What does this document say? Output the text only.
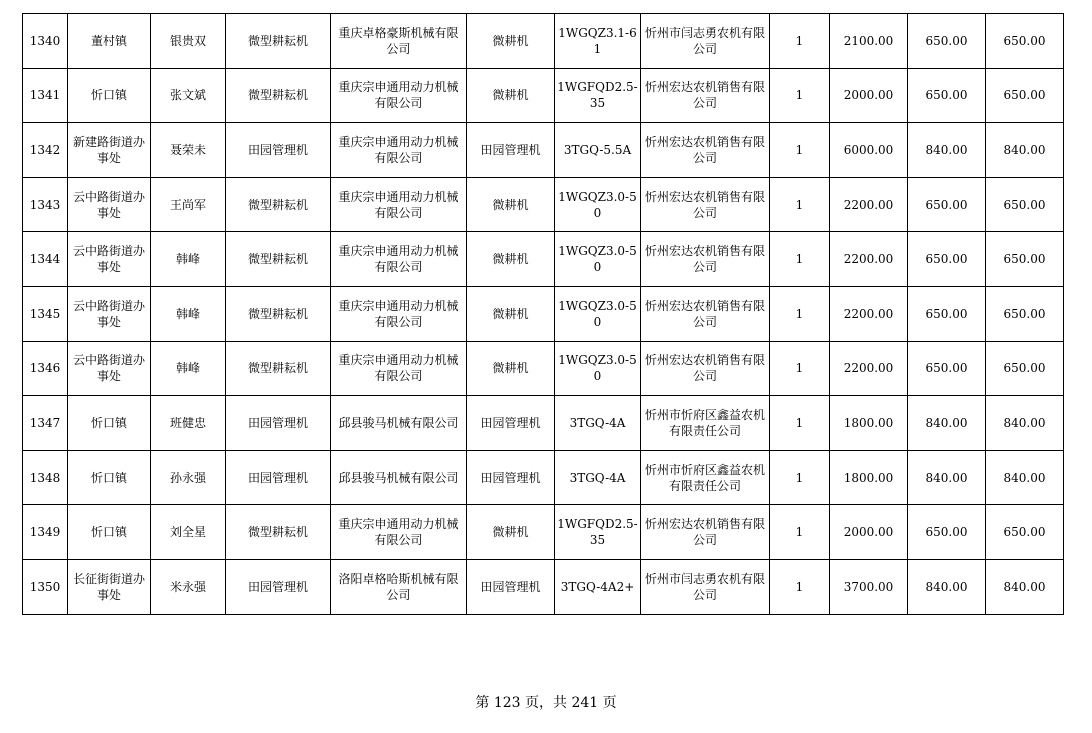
1340	董村镇	银贵双	微型耕耘机	重庆卓格豪斯机械有限公司	微耕机	1WGQZ3.1-61	忻州市闫志勇农机有限公司	1	2100.00	650.00	650.00
1341	忻口镇	张文斌	微型耕耘机	重庆宗申通用动力机械有限公司	微耕机	1WGFQD2.5-35	忻州宏达农机销售有限公司	1	2000.00	650.00	650.00
1342	新建路街道办事处	聂荣未	田园管理机	重庆宗申通用动力机械有限公司	田园管理机	3TGQ-5.5A	忻州宏达农机销售有限公司	1	6000.00	840.00	840.00
1343	云中路街道办事处	王尚军	微型耕耘机	重庆宗申通用动力机械有限公司	微耕机	1WGQZ3.0-50	忻州宏达农机销售有限公司	1	2200.00	650.00	650.00
1344	云中路街道办事处	韩峰	微型耕耘机	重庆宗申通用动力机械有限公司	微耕机	1WGQZ3.0-50	忻州宏达农机销售有限公司	1	2200.00	650.00	650.00
1345	云中路街道办事处	韩峰	微型耕耘机	重庆宗申通用动力机械有限公司	微耕机	1WGQZ3.0-50	忻州宏达农机销售有限公司	1	2200.00	650.00	650.00
1346	云中路街道办事处	韩峰	微型耕耘机	重庆宗申通用动力机械有限公司	微耕机	1WGQZ3.0-50	忻州宏达农机销售有限公司	1	2200.00	650.00	650.00
1347	忻口镇	班健忠	田园管理机	邱县骏马机械有限公司	田园管理机	3TGQ-4A	忻州市忻府区鑫益农机有限责任公司	1	1800.00	840.00	840.00
1348	忻口镇	孙永强	田园管理机	邱县骏马机械有限公司	田园管理机	3TGQ-4A	忻州市忻府区鑫益农机有限责任公司	1	1800.00	840.00	840.00
1349	忻口镇	刘全星	微型耕耘机	重庆宗申通用动力机械有限公司	微耕机	1WGFQD2.5-35	忻州宏达农机销售有限公司	1	2000.00	650.00	650.00
1350	长征街街道办事处	米永强	田园管理机	洛阳卓格哈斯机械有限公司	田园管理机	3TGQ-4A2+	忻州市闫志勇农机有限公司	1	3700.00	840.00	840.00
第 123 页，共 241 页
